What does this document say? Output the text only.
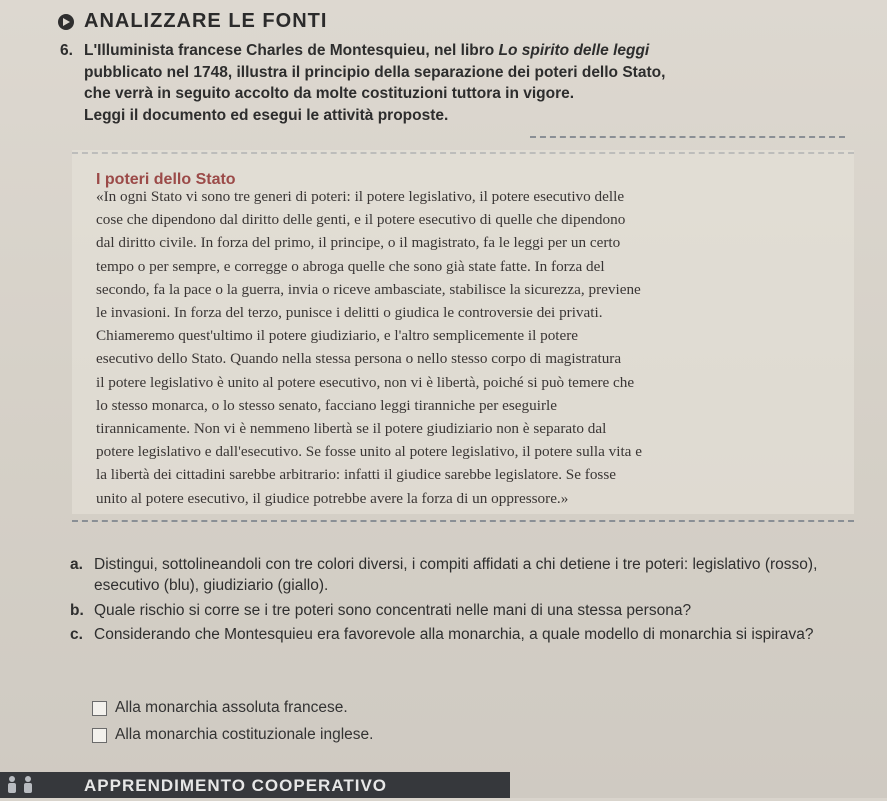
ANALIZZARE LE FONTI
6. L'Illuminista francese Charles de Montesquieu, nel libro Lo spirito delle leggi
pubblicato nel 1748, illustra il principio della separazione dei poteri dello Stato,
che verrà in seguito accolto da molte costituzioni tuttora in vigore.
Leggi il documento ed esegui le attività proposte.
I poteri dello Stato
«In ogni Stato vi sono tre generi di poteri: il potere legislativo, il potere esecutivo delle
cose che dipendono dal diritto delle genti, e il potere esecutivo di quelle che dipendono
dal diritto civile. In forza del primo, il principe, o il magistrato, fa le leggi per un certo
tempo o per sempre, e corregge o abroga quelle che sono già state fatte. In forza del
secondo, fa la pace o la guerra, invia o riceve ambasciate, stabilisce la sicurezza, previene
le invasioni. In forza del terzo, punisce i delitti o giudica le controversie dei privati.
Chiameremo quest'ultimo il potere giudiziario, e l'altro semplicemente il potere
esecutivo dello Stato. Quando nella stessa persona o nello stesso corpo di magistratura
il potere legislativo è unito al potere esecutivo, non vi è libertà, poiché si può temere che
lo stesso monarca, o lo stesso senato, facciano leggi tiranniche per eseguirle
tirannicamente. Non vi è nemmeno libertà se il potere giudiziario non è separato dal
potere legislativo e dall'esecutivo. Se fosse unito al potere legislativo, il potere sulla vita e
la libertà dei cittadini sarebbe arbitrario: infatti il giudice sarebbe legislatore. Se fosse
unito al potere esecutivo, il giudice potrebbe avere la forza di un oppressore.»
a. Distingui, sottolineandoli con tre colori diversi, i compiti affidati a chi detiene i tre poteri: legislativo (rosso), esecutivo (blu), giudiziario (giallo).
b. Quale rischio si corre se i tre poteri sono concentrati nelle mani di una stessa persona?
c. Considerando che Montesquieu era favorevole alla monarchia, a quale modello di monarchia si ispirava?
Alla monarchia assoluta francese.
Alla monarchia costituzionale inglese.
APPRENDIMENTO COOPERATIVO
